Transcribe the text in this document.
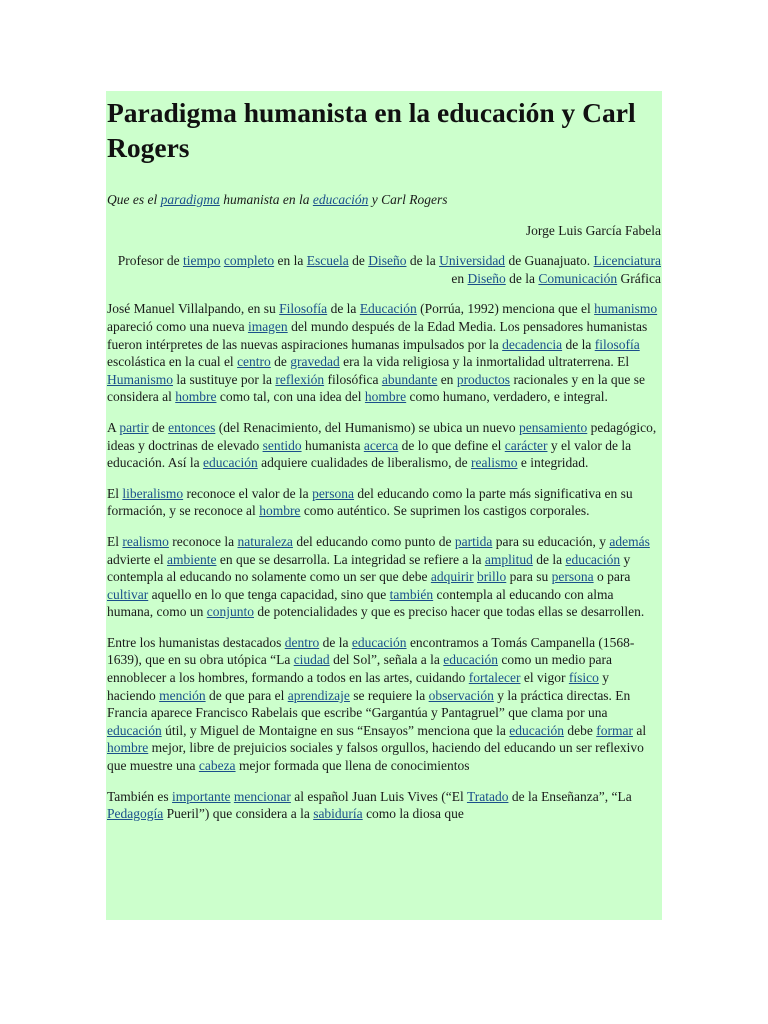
Paradigma humanista en la educación y Carl Rogers

Que es el paradigma humanista en la educación y Carl Rogers

Jorge Luis García Fabela

Profesor de tiempo completo en la Escuela de Diseño de la Universidad de Guanajuato. Licenciatura en Diseño de la Comunicación Gráfica

José Manuel Villalpando, en su Filosofía de la Educación (Porrúa, 1992) menciona que el humanismo apareció como una nueva imagen del mundo después de la Edad Media. Los pensadores humanistas fueron intérpretes de las nuevas aspiraciones humanas impulsados por la decadencia de la filosofía escolástica en la cual el centro de gravedad era la vida religiosa y la inmortalidad ultraterrena. El Humanismo la sustituye por la reflexión filosófica abundante en productos racionales y en la que se considera al hombre como tal, con una idea del hombre como humano, verdadero, e integral.

A partir de entonces (del Renacimiento, del Humanismo) se ubica un nuevo pensamiento pedagógico, ideas y doctrinas de elevado sentido humanista acerca de lo que define el carácter y el valor de la educación. Así la educación adquiere cualidades de liberalismo, de realismo e integridad.

El liberalismo reconoce el valor de la persona del educando como la parte más significativa en su formación, y se reconoce al hombre como auténtico. Se suprimen los castigos corporales.

El realismo reconoce la naturaleza del educando como punto de partida para su educación, y además advierte el ambiente en que se desarrolla. La integridad se refiere a la amplitud de la educación y contempla al educando no solamente como un ser que debe adquirir brillo para su persona o para cultivar aquello en lo que tenga capacidad, sino que también contempla al educando con alma humana, como un conjunto de potencialidades y que es preciso hacer que todas ellas se desarrollen.

Entre los humanistas destacados dentro de la educación encontramos a Tomás Campanella (1568-1639), que en su obra utópica “La ciudad del Sol”, señala a la educación como un medio para ennoblecer a los hombres, formando a todos en las artes, cuidando fortalecer el vigor físico y haciendo mención de que para el aprendizaje se requiere la observación y la práctica directas. En Francia aparece Francisco Rabelais que escribe “Gargantúa y Pantagruel” que clama por una educación útil, y Miguel de Montaigne en sus “Ensayos” menciona que la educación debe formar al hombre mejor, libre de prejuicios sociales y falsos orgullos, haciendo del educando un ser reflexivo que muestre una cabeza mejor formada que llena de conocimientos

También es importante mencionar al español Juan Luis Vives (“El Tratado de la Enseñanza”, “La Pedagogía Pueril”) que considera a la sabiduría como la diosa que
